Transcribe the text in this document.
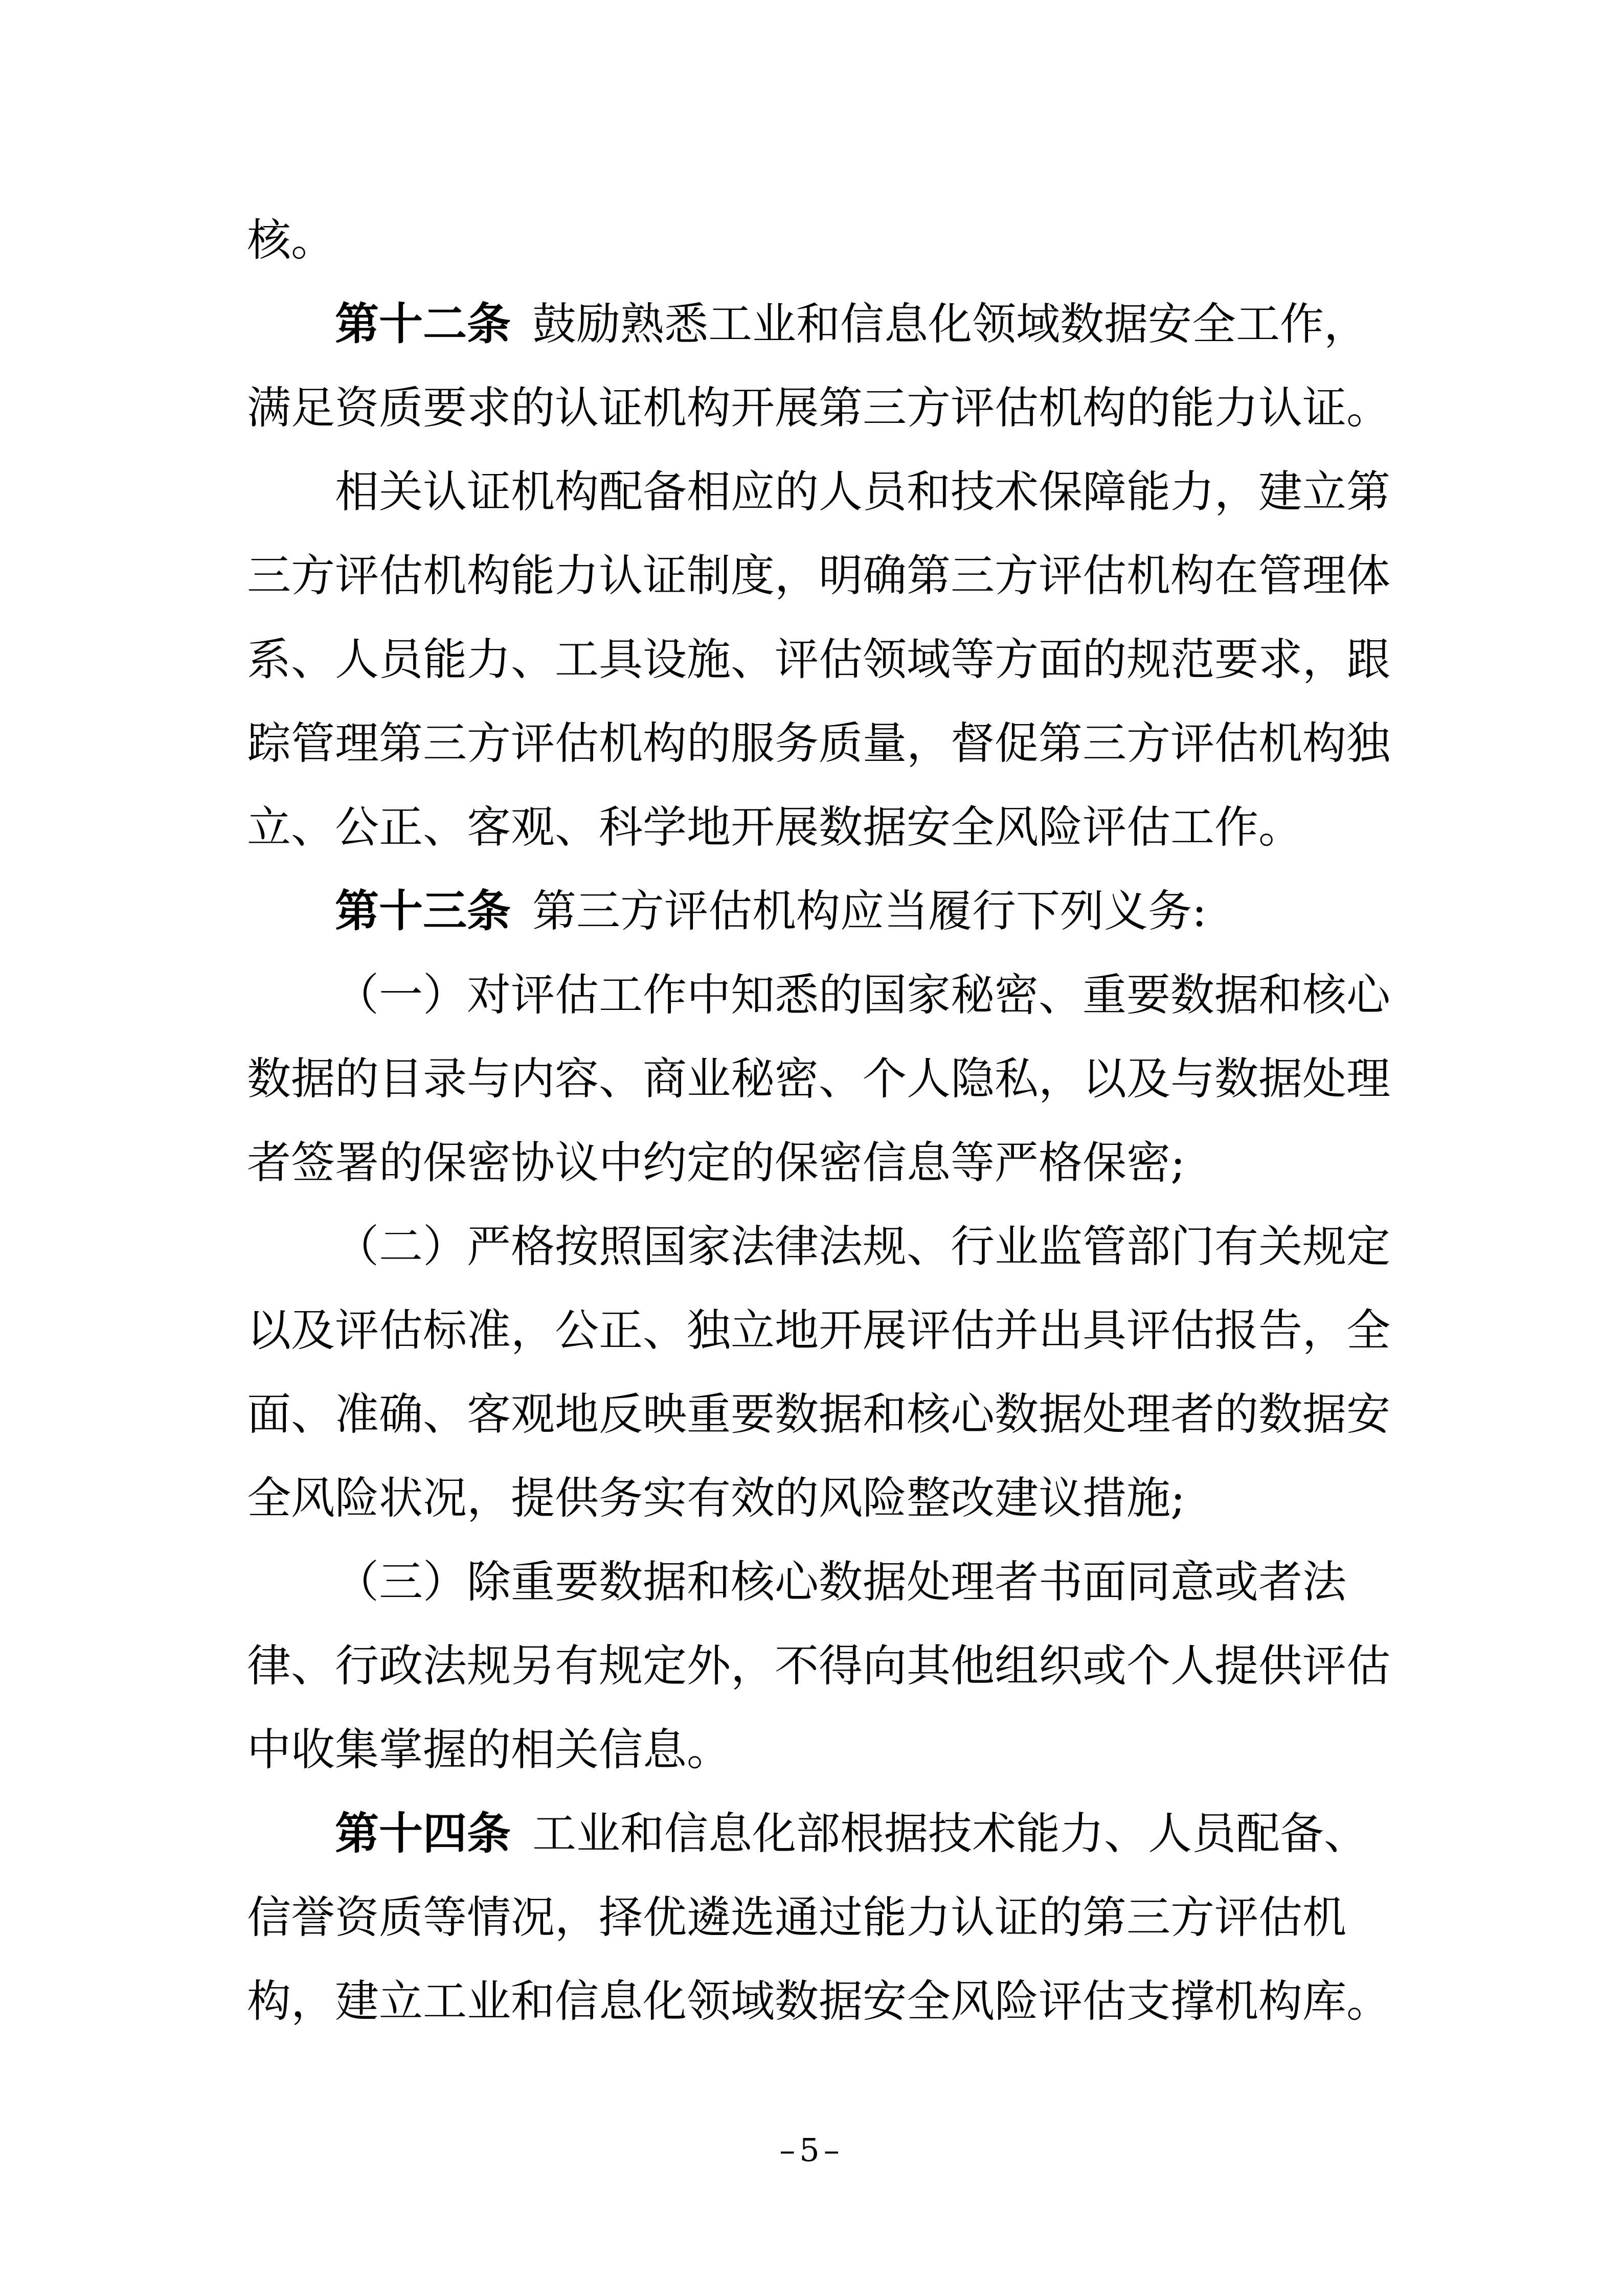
核。
第十二条 鼓励熟悉工业和信息化领域数据安全工作，
满足资质要求的认证机构开展第三方评估机构的能力认证。
相关认证机构配备相应的人员和技术保障能力，建立第
三方评估机构能力认证制度，明确第三方评估机构在管理体
系、人员能力、工具设施、评估领域等方面的规范要求，跟
踪管理第三方评估机构的服务质量，督促第三方评估机构独
立、公正、客观、科学地开展数据安全风险评估工作。
第十三条 第三方评估机构应当履行下列义务:
（一）对评估工作中知悉的国家秘密、重要数据和核心
数据的目录与内容、商业秘密、个人隐私，以及与数据处理
者签署的保密协议中约定的保密信息等严格保密;
（二）严格按照国家法律法规、行业监管部门有关规定
以及评估标准，公正、独立地开展评估并出具评估报告，全
面、准确、客观地反映重要数据和核心数据处理者的数据安
全风险状况，提供务实有效的风险整改建议措施;
（三）除重要数据和核心数据处理者书面同意或者法
律、行政法规另有规定外，不得向其他组织或个人提供评估
中收集掌握的相关信息。
第十四条 工业和信息化部根据技术能力、人员配备、
信誉资质等情况，择优遴选通过能力认证的第三方评估机
构，建立工业和信息化领域数据安全风险评估支撑机构库。
–5–
